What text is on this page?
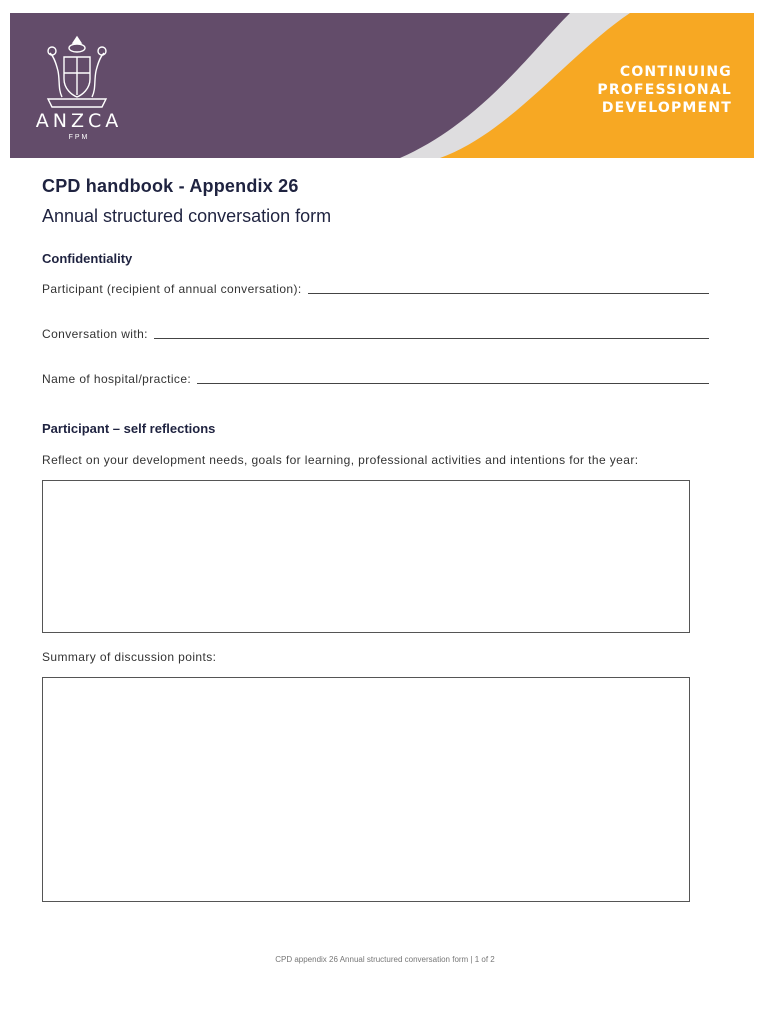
ANZCA
FPM
CONTINUING
PROFESSIONAL
DEVELOPMENT
CPD handbook - Appendix 26
Annual structured conversation form
Confidentiality
Participant (recipient of annual conversation):
Conversation with:
Name of hospital/practice:
Participant – self reflections
Reflect on your development needs, goals for learning, professional activities and intentions for the year:
Summary of discussion points:
CPD appendix 26 Annual structured conversation form | 1 of 2
